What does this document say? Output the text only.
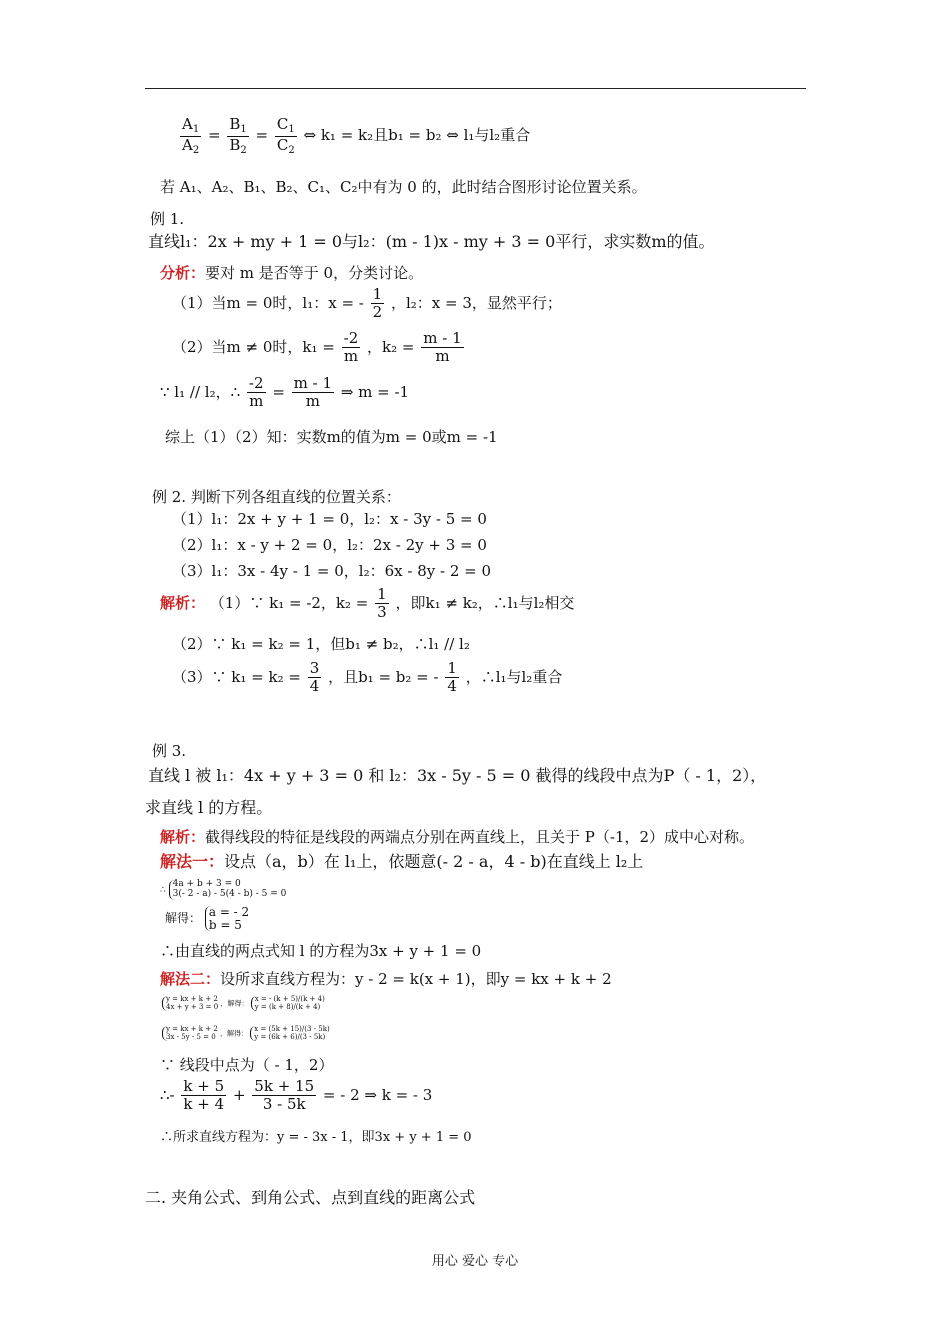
$\frac{A_1}{A_2} = \frac{B_1}{B_2} = \frac{C_1}{C_2}$ ⇔ k₁ = k₂且b₁ = b₂ ⇔ l₁与l₂重合
若 A₁、A₂、B₁、B₂、C₁、C₂中有为 0 的，此时结合图形讨论位置关系。
例 1.
直线l₁：2x + my + 1 = 0与l₂：(m - 1)x - my + 3 = 0平行，求实数m的值。
分析：要对 m 是否等于 0，分类讨论。
（1）当m = 0时，l₁：x = - $\frac{1}{2}$ ，l₂：x = 3，显然平行；
（2）当m ≠ 0时，$k_1 = \frac{-2}{m}$ ，$k_2 = \frac{m - 1}{m}$
∵ l₁ // l₂，∴ $\frac{-2}{m} = \frac{m - 1}{m}$ ⇒ m = -1
综上（1）（2）知：实数m的值为m = 0或m = -1
例 2. 判断下列各组直线的位置关系：
（1）l₁：2x + y + 1 = 0，l₂：x - 3y - 5 = 0
（2）l₁：x - y + 2 = 0，l₂：2x - 2y + 3 = 0
（3）l₁：3x - 4y - 1 = 0，l₂：6x - 8y - 2 = 0
解析： （1）∵ k₁ = -2，$k_2 = \frac{1}{3}$ ，即k₁ ≠ k₂，∴l₁与l₂相交
（2）∵ k₁ = k₂ = 1，但b₁ ≠ b₂，∴l₁ // l₂
（3）∵ $k_1 = k_2 = \frac{3}{4}$ ，且b₁ = b₂ = - $\frac{1}{4}$ ，∴l₁与l₂重合
例 3.
直线 l 被 l₁：4x + y + 3 = 0 和 l₂：3x - 5y - 5 = 0 截得的线段中点为P（ - 1，2），
求直线 l 的方程。
解析：截得线段的特征是线段的两端点分别在两直线上，且关于 P（-1，2）成中心对称。
解法一：设点（a，b）在 l₁上，依题意(- 2 - a，4 - b)在直线上 l₂上
∴
4a + b + 3 = 0
3(- 2 - a) - 5(4 - b) - 5 = 0
解得： a = - 2
b = 5
∴由直线的两点式知 l 的方程为3x + y + 1 = 0
解法二：设所求直线方程为：y - 2 = k(x + 1)，即y = kx + k + 2
y = kx + k + 2
4x + y + 3 = 0 ，解得：
x = - (k + 5)/(k + 4)
y = (k + 8)/(k + 4)
y = kx + k + 2
3x - 5y - 5 = 0 ，解得：
x = (5k + 15)/(3 - 5k)
y = (6k + 6)/(3 - 5k)
∵ 线段中点为（ - 1，2）
∴- $\frac{k + 5}{k + 4} + \frac{5k + 15}{3 - 5k}$ = - 2 ⇒ k = - 3
∴所求直线方程为：y = - 3x - 1，即3x + y + 1 = 0
二. 夹角公式、到角公式、点到直线的距离公式
用心 爱心 专心
